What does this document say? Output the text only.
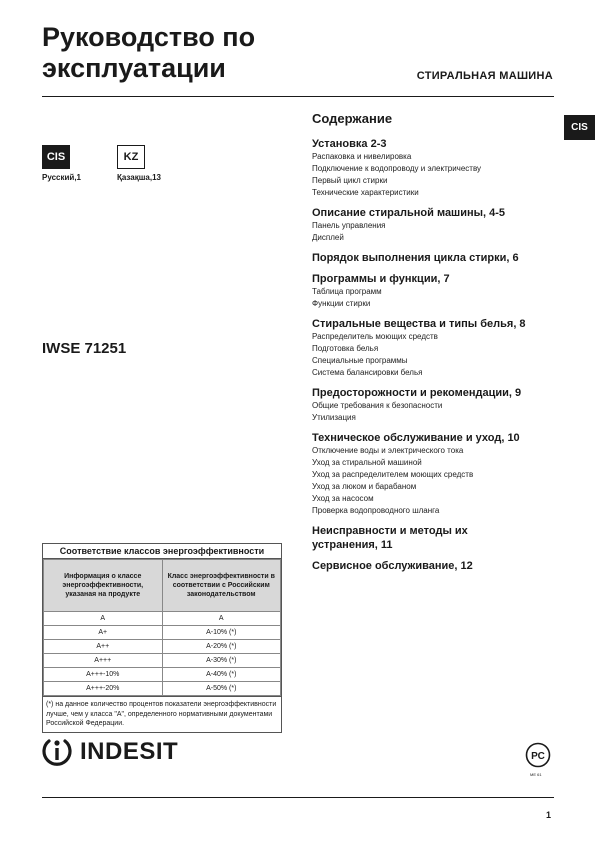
Руководство по
эксплуатации	СТИРАЛЬНАЯ МАШИНА
CIS
CIS
Русский,1
KZ
Қазақша,13
IWSE 71251
Содержание
Установка 2-3
Распаковка и нивелировка
Подключение к водопроводу и электричеству
Первый цикл стирки
Технические характеристики
Описание стиральной машины, 4-5
Панель управления
Дисплей
Порядок выполнения цикла стирки, 6
Программы и функции, 7
Таблица программ
Функции стирки
Стиральные вещества и типы белья, 8
Распределитель моющих средств
Подготовка белья
Специальные программы
Система балансировки белья
Предосторожности и рекомендации, 9
Общие требования к безопасности
Утилизация
Техническое обслуживание и уход, 10
Отключение воды и электрического тока
Уход за стиральной машиной
Уход за распределителем моющих средств
Уход за люком и барабаном
Уход за насосом
Проверка водопроводного шланга
Неисправности и методы их
устранения, 11
Сервисное обслуживание, 12
Соответствие классов энергоэффективности
Информация о классе энергоэффективности, указаная на продукте	Класс энергоэффективности в соответствии с Российским законодательством
A	A
A+	A-10% (*)
A++	A-20% (*)
A+++	A-30% (*)
A+++-10%	A-40% (*)
A+++-20%	A-50% (*)
(*) на данное количество процентов показатели энергоэффективности лучше, чем у класса "A", определенного нормативными документами Российской Федерации.
INDESIT	РС
МЕ 61
1
